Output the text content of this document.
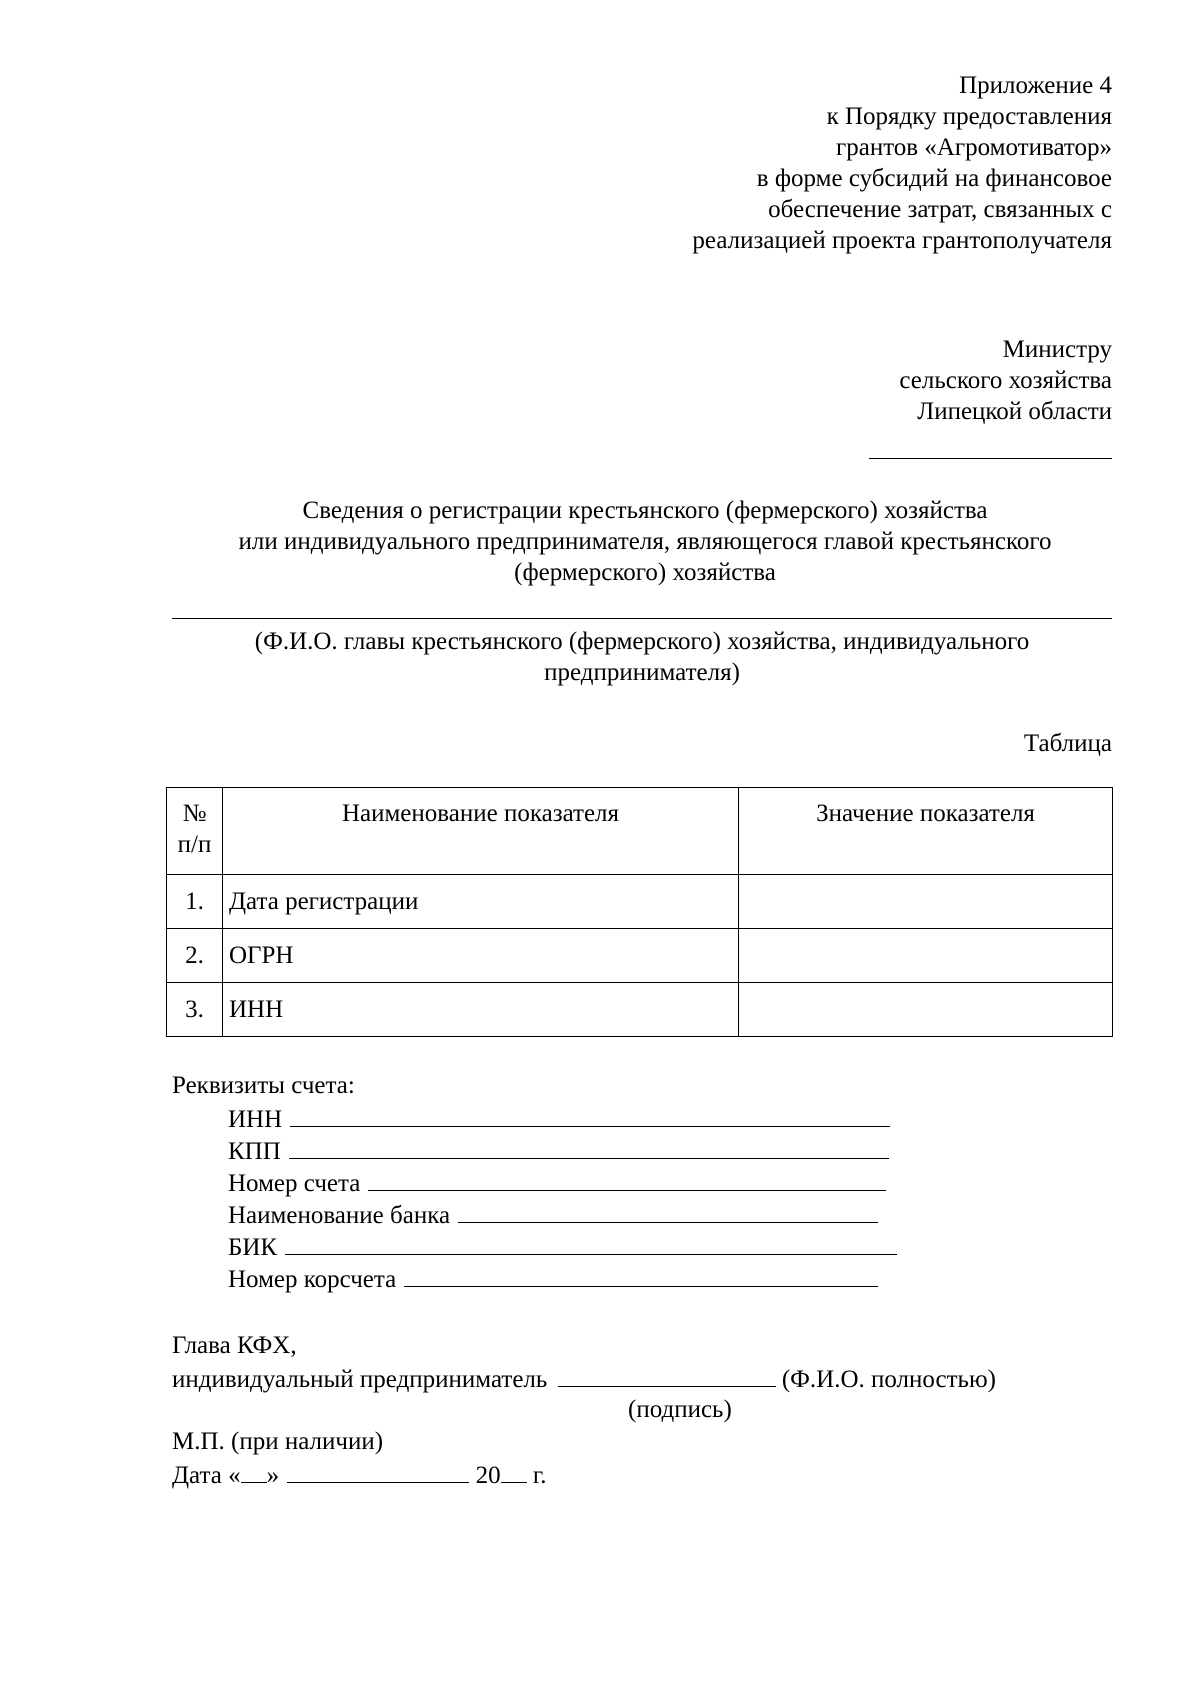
Приложение 4
к Порядку предоставления
грантов «Агромотиватор»
в форме субсидий на финансовое
обеспечение затрат, связанных с
реализацией проекта грантополучателя
Министру
сельского хозяйства
Липецкой области
Сведения о регистрации крестьянского (фермерского) хозяйства
или индивидуального предпринимателя, являющегося главой крестьянского
(фермерского) хозяйства
(Ф.И.О. главы крестьянского (фермерского) хозяйства, индивидуального
предпринимателя)
Таблица
№
п/п	Наименование показателя	Значение показателя
1.	Дата регистрации	
2.	ОГРН	
3.	ИНН	
Реквизиты счета:
ИНН
КПП
Номер счета
Наименование банка
БИК
Номер корсчета
Глава КФХ,
индивидуальный предприниматель	(Ф.И.О. полностью)
(подпись)
М.П. (при наличии)
Дата « »	20 г.
